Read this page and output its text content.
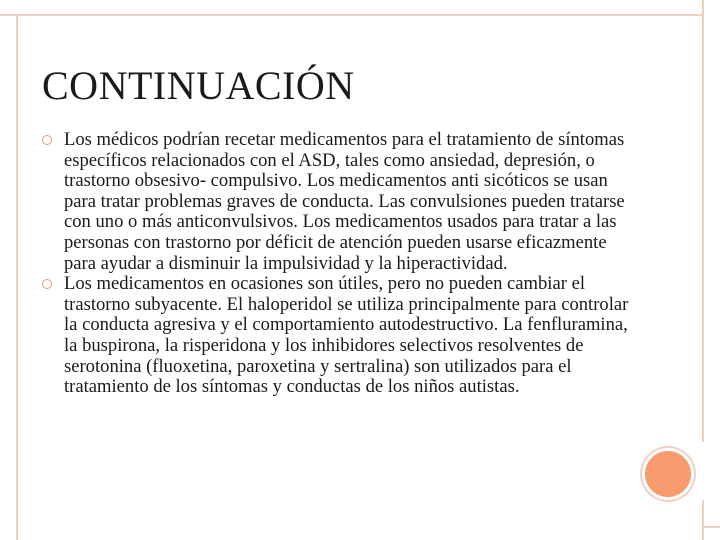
CONTINUACIÓN
Los médicos podrían recetar medicamentos para el tratamiento de síntomas específicos relacionados con el ASD, tales como ansiedad, depresión, o trastorno obsesivo- compulsivo. Los medicamentos anti sicóticos se usan para tratar problemas graves de conducta. Las convulsiones pueden tratarse con uno o más anticonvulsivos. Los medicamentos usados para tratar a las personas con trastorno por déficit de atención pueden usarse eficazmente para ayudar a disminuir la impulsividad y la hiperactividad.
Los medicamentos en ocasiones son útiles, pero no pueden cambiar el trastorno subyacente. El haloperidol se utiliza principalmente para controlar la conducta agresiva y el comportamiento autodestructivo. La fenfluramina, la buspirona, la risperidona y los inhibidores selectivos resolventes de serotonina (fluoxetina, paroxetina y sertralina) son utilizados para el tratamiento de los síntomas y conductas de los niños autistas.
